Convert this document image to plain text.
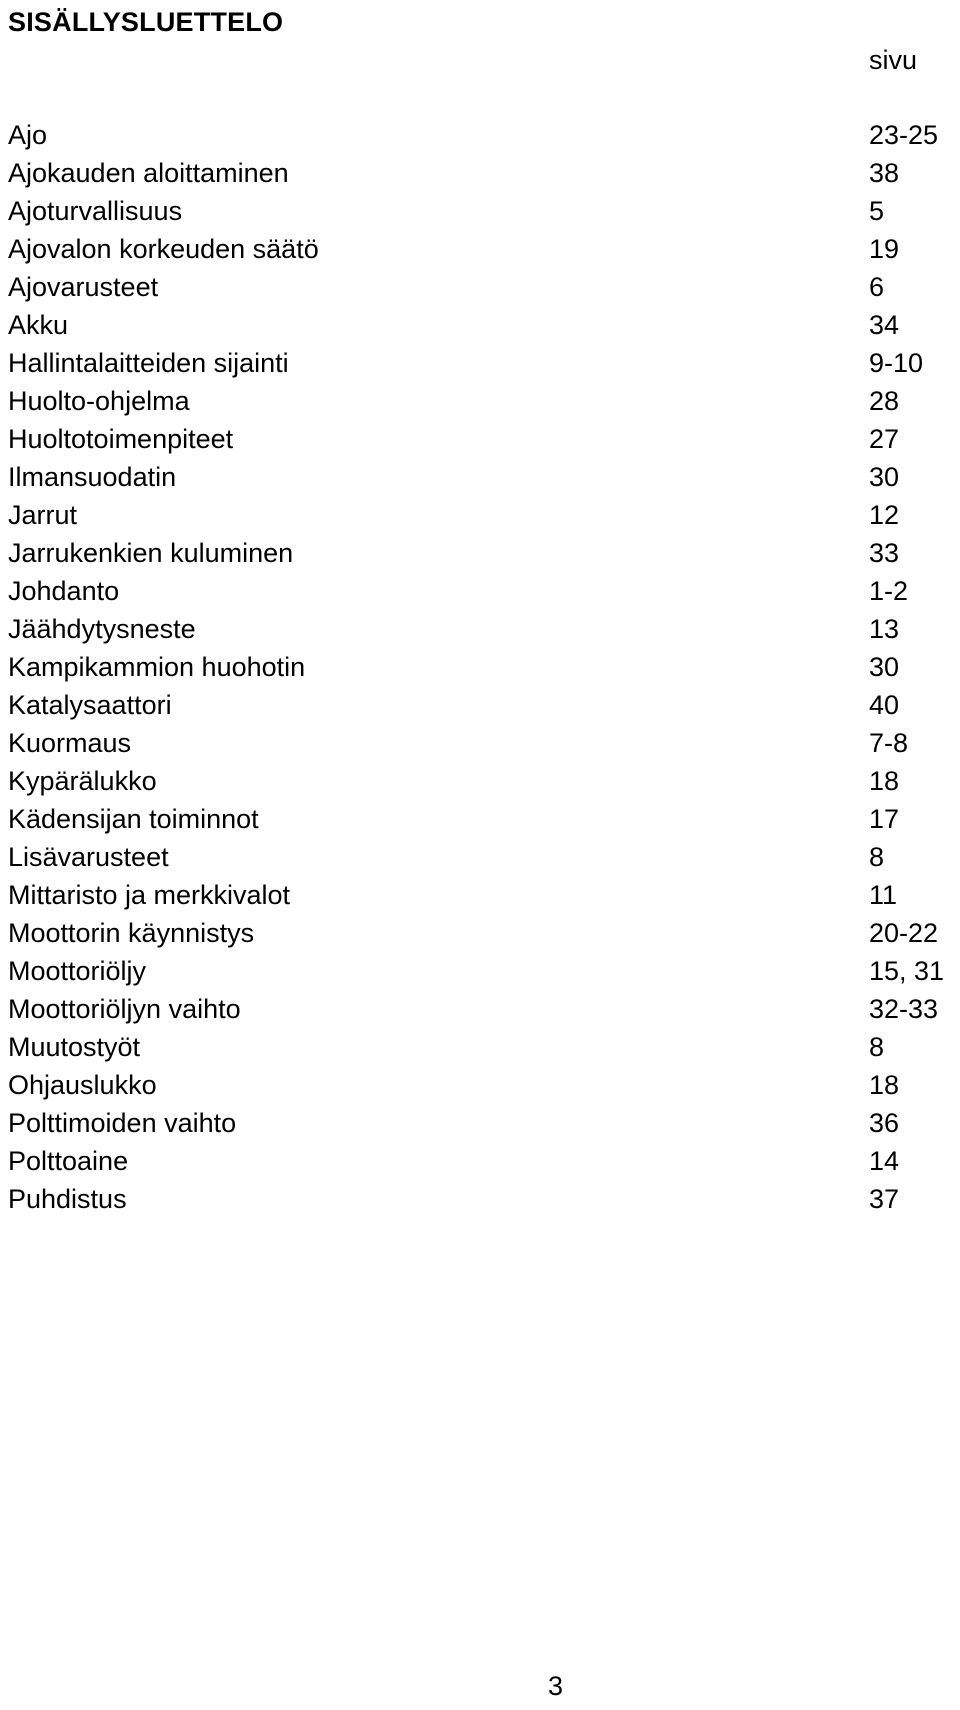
SISÄLLYSLUETTELO
sivu
Ajo	23-25
Ajokauden aloittaminen	38
Ajoturvallisuus	5
Ajovalon korkeuden säätö	19
Ajovarusteet	6
Akku	34
Hallintalaitteiden sijainti	9-10
Huolto-ohjelma	28
Huoltotoimenpiteet	27
Ilmansuodatin	30
Jarrut	12
Jarrukenkien kuluminen	33
Johdanto	1-2
Jäähdytysneste	13
Kampikammion huohotin	30
Katalysaattori	40
Kuormaus	7-8
Kypärälukko	18
Kädensijan toiminnot	17
Lisävarusteet	8
Mittaristo ja merkkivalot	11
Moottorin käynnistys	20-22
Moottoriöljy	15, 31
Moottoriöljyn vaihto	32-33
Muutostyöt	8
Ohjauslukko	18
Polttimoiden vaihto	36
Polttoaine	14
Puhdistus	37
3
